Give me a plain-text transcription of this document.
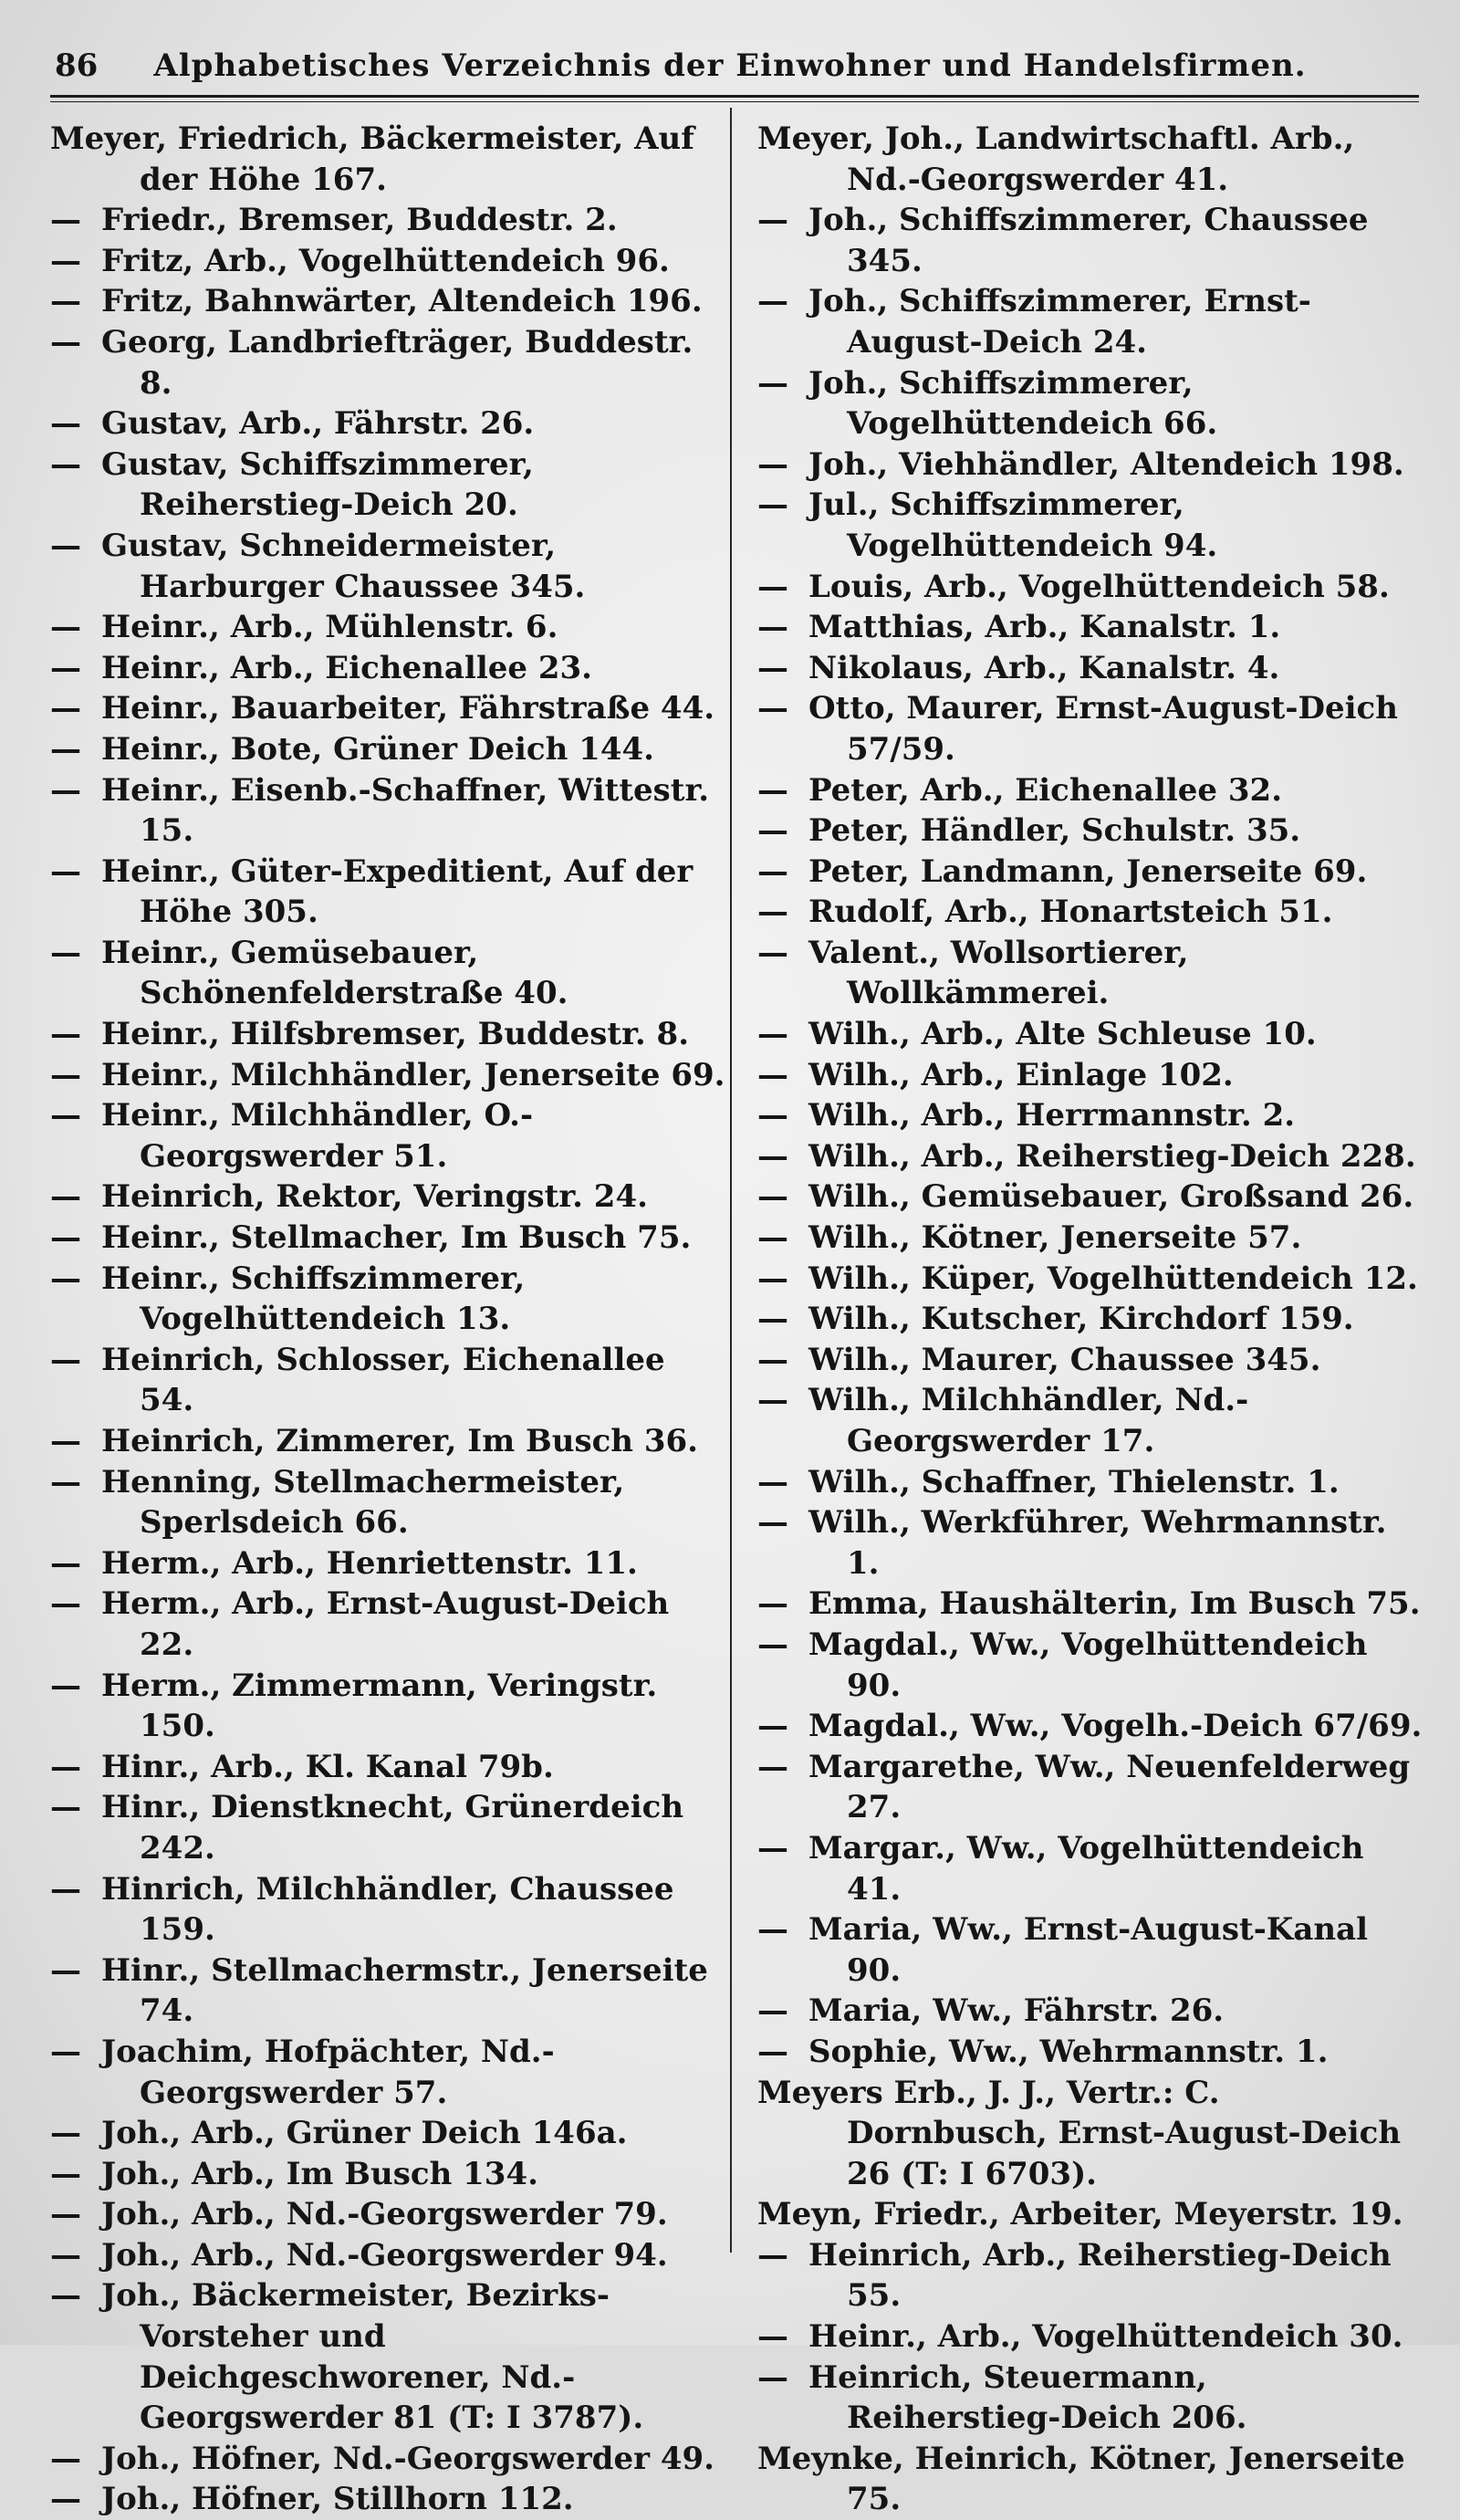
86	Alphabetisches Verzeichnis der Einwohner und Handelsfirmen.

Meyer, Friedrich, Bäckermeister, Auf der Höhe 167.

— Friedr., Bremser, Buddestr. 2.

— Fritz, Arb., Vogelhüttendeich 96.

— Fritz, Bahnwärter, Altendeich 196.

— Georg, Landbriefträger, Buddestr. 8.

— Gustav, Arb., Fährstr. 26.

— Gustav, Schiffszimmerer, Reiherstieg-Deich 20.

— Gustav, Schneidermeister, Harburger Chaussee 345.

— Heinr., Arb., Mühlenstr. 6.

— Heinr., Arb., Eichenallee 23.

— Heinr., Bauarbeiter, Fährstraße 44.

— Heinr., Bote, Grüner Deich 144.

— Heinr., Eisenb.-Schaffner, Wittestr. 15.

— Heinr., Güter-Expeditient, Auf der Höhe 305.

— Heinr., Gemüsebauer, Schönenfelderstraße 40.

— Heinr., Hilfsbremser, Buddestr. 8.

— Heinr., Milchhändler, Jenerseite 69.

— Heinr., Milchhändler, O.-Georgswerder 51.

— Heinrich, Rektor, Veringstr. 24.

— Heinr., Stellmacher, Im Busch 75.

— Heinr., Schiffszimmerer, Vogelhüttendeich 13.

— Heinrich, Schlosser, Eichenallee 54.

— Heinrich, Zimmerer, Im Busch 36.

— Henning, Stellmachermeister, Sperlsdeich 66.

— Herm., Arb., Henriettenstr. 11.

— Herm., Arb., Ernst-August-Deich 22.

— Herm., Zimmermann, Veringstr. 150.

— Hinr., Arb., Kl. Kanal 79b.

— Hinr., Dienstknecht, Grünerdeich 242.

— Hinrich, Milchhändler, Chaussee 159.

— Hinr., Stellmachermstr., Jenerseite 74.

— Joachim, Hofpächter, Nd.-Georgswerder 57.

— Joh., Arb., Grüner Deich 146a.

— Joh., Arb., Im Busch 134.

— Joh., Arb., Nd.-Georgswerder 79.

— Joh., Arb., Nd.-Georgswerder 94.

— Joh., Bäckermeister, Bezirks-Vorsteher und Deichgeschworener, Nd.-Georgswerder 81 (T: I 3787).

— Joh., Höfner, Nd.-Georgswerder 49.

— Joh., Höfner, Stillhorn 112.

Meyer, Joh., Landwirtschaftl. Arb., Nd.-Georgswerder 41.

— Joh., Schiffszimmerer, Chaussee 345.

— Joh., Schiffszimmerer, Ernst-August-Deich 24.

— Joh., Schiffszimmerer, Vogelhüttendeich 66.

— Joh., Viehhändler, Altendeich 198.

— Jul., Schiffszimmerer, Vogelhüttendeich 94.

— Louis, Arb., Vogelhüttendeich 58.

— Matthias, Arb., Kanalstr. 1.

— Nikolaus, Arb., Kanalstr. 4.

— Otto, Maurer, Ernst-August-Deich 57/59.

— Peter, Arb., Eichenallee 32.

— Peter, Händler, Schulstr. 35.

— Peter, Landmann, Jenerseite 69.

— Rudolf, Arb., Honartsteich 51.

— Valent., Wollsortierer, Wollkämmerei.

— Wilh., Arb., Alte Schleuse 10.

— Wilh., Arb., Einlage 102.

— Wilh., Arb., Herrmannstr. 2.

— Wilh., Arb., Reiherstieg-Deich 228.

— Wilh., Gemüsebauer, Großsand 26.

— Wilh., Kötner, Jenerseite 57.

— Wilh., Küper, Vogelhüttendeich 12.

— Wilh., Kutscher, Kirchdorf 159.

— Wilh., Maurer, Chaussee 345.

— Wilh., Milchhändler, Nd.-Georgswerder 17.

— Wilh., Schaffner, Thielenstr. 1.

— Wilh., Werkführer, Wehrmannstr. 1.

— Emma, Haushälterin, Im Busch 75.

— Magdal., Ww., Vogelhüttendeich 90.

— Magdal., Ww., Vogelh.-Deich 67/69.

— Margarethe, Ww., Neuenfelderweg 27.

— Margar., Ww., Vogelhüttendeich 41.

— Maria, Ww., Ernst-August-Kanal 90.

— Maria, Ww., Fährstr. 26.

— Sophie, Ww., Wehrmannstr. 1.

Meyers Erb., J. J., Vertr.: C. Dornbusch, Ernst-August-Deich 26 (T: I 6703).

Meyn, Friedr., Arbeiter, Meyerstr. 19.

— Heinrich, Arb., Reiherstieg-Deich 55.

— Heinr., Arb., Vogelhüttendeich 30.

— Heinrich, Steuermann, Reiherstieg-Deich 206.

Meynke, Heinrich, Kötner, Jenerseite 75.
